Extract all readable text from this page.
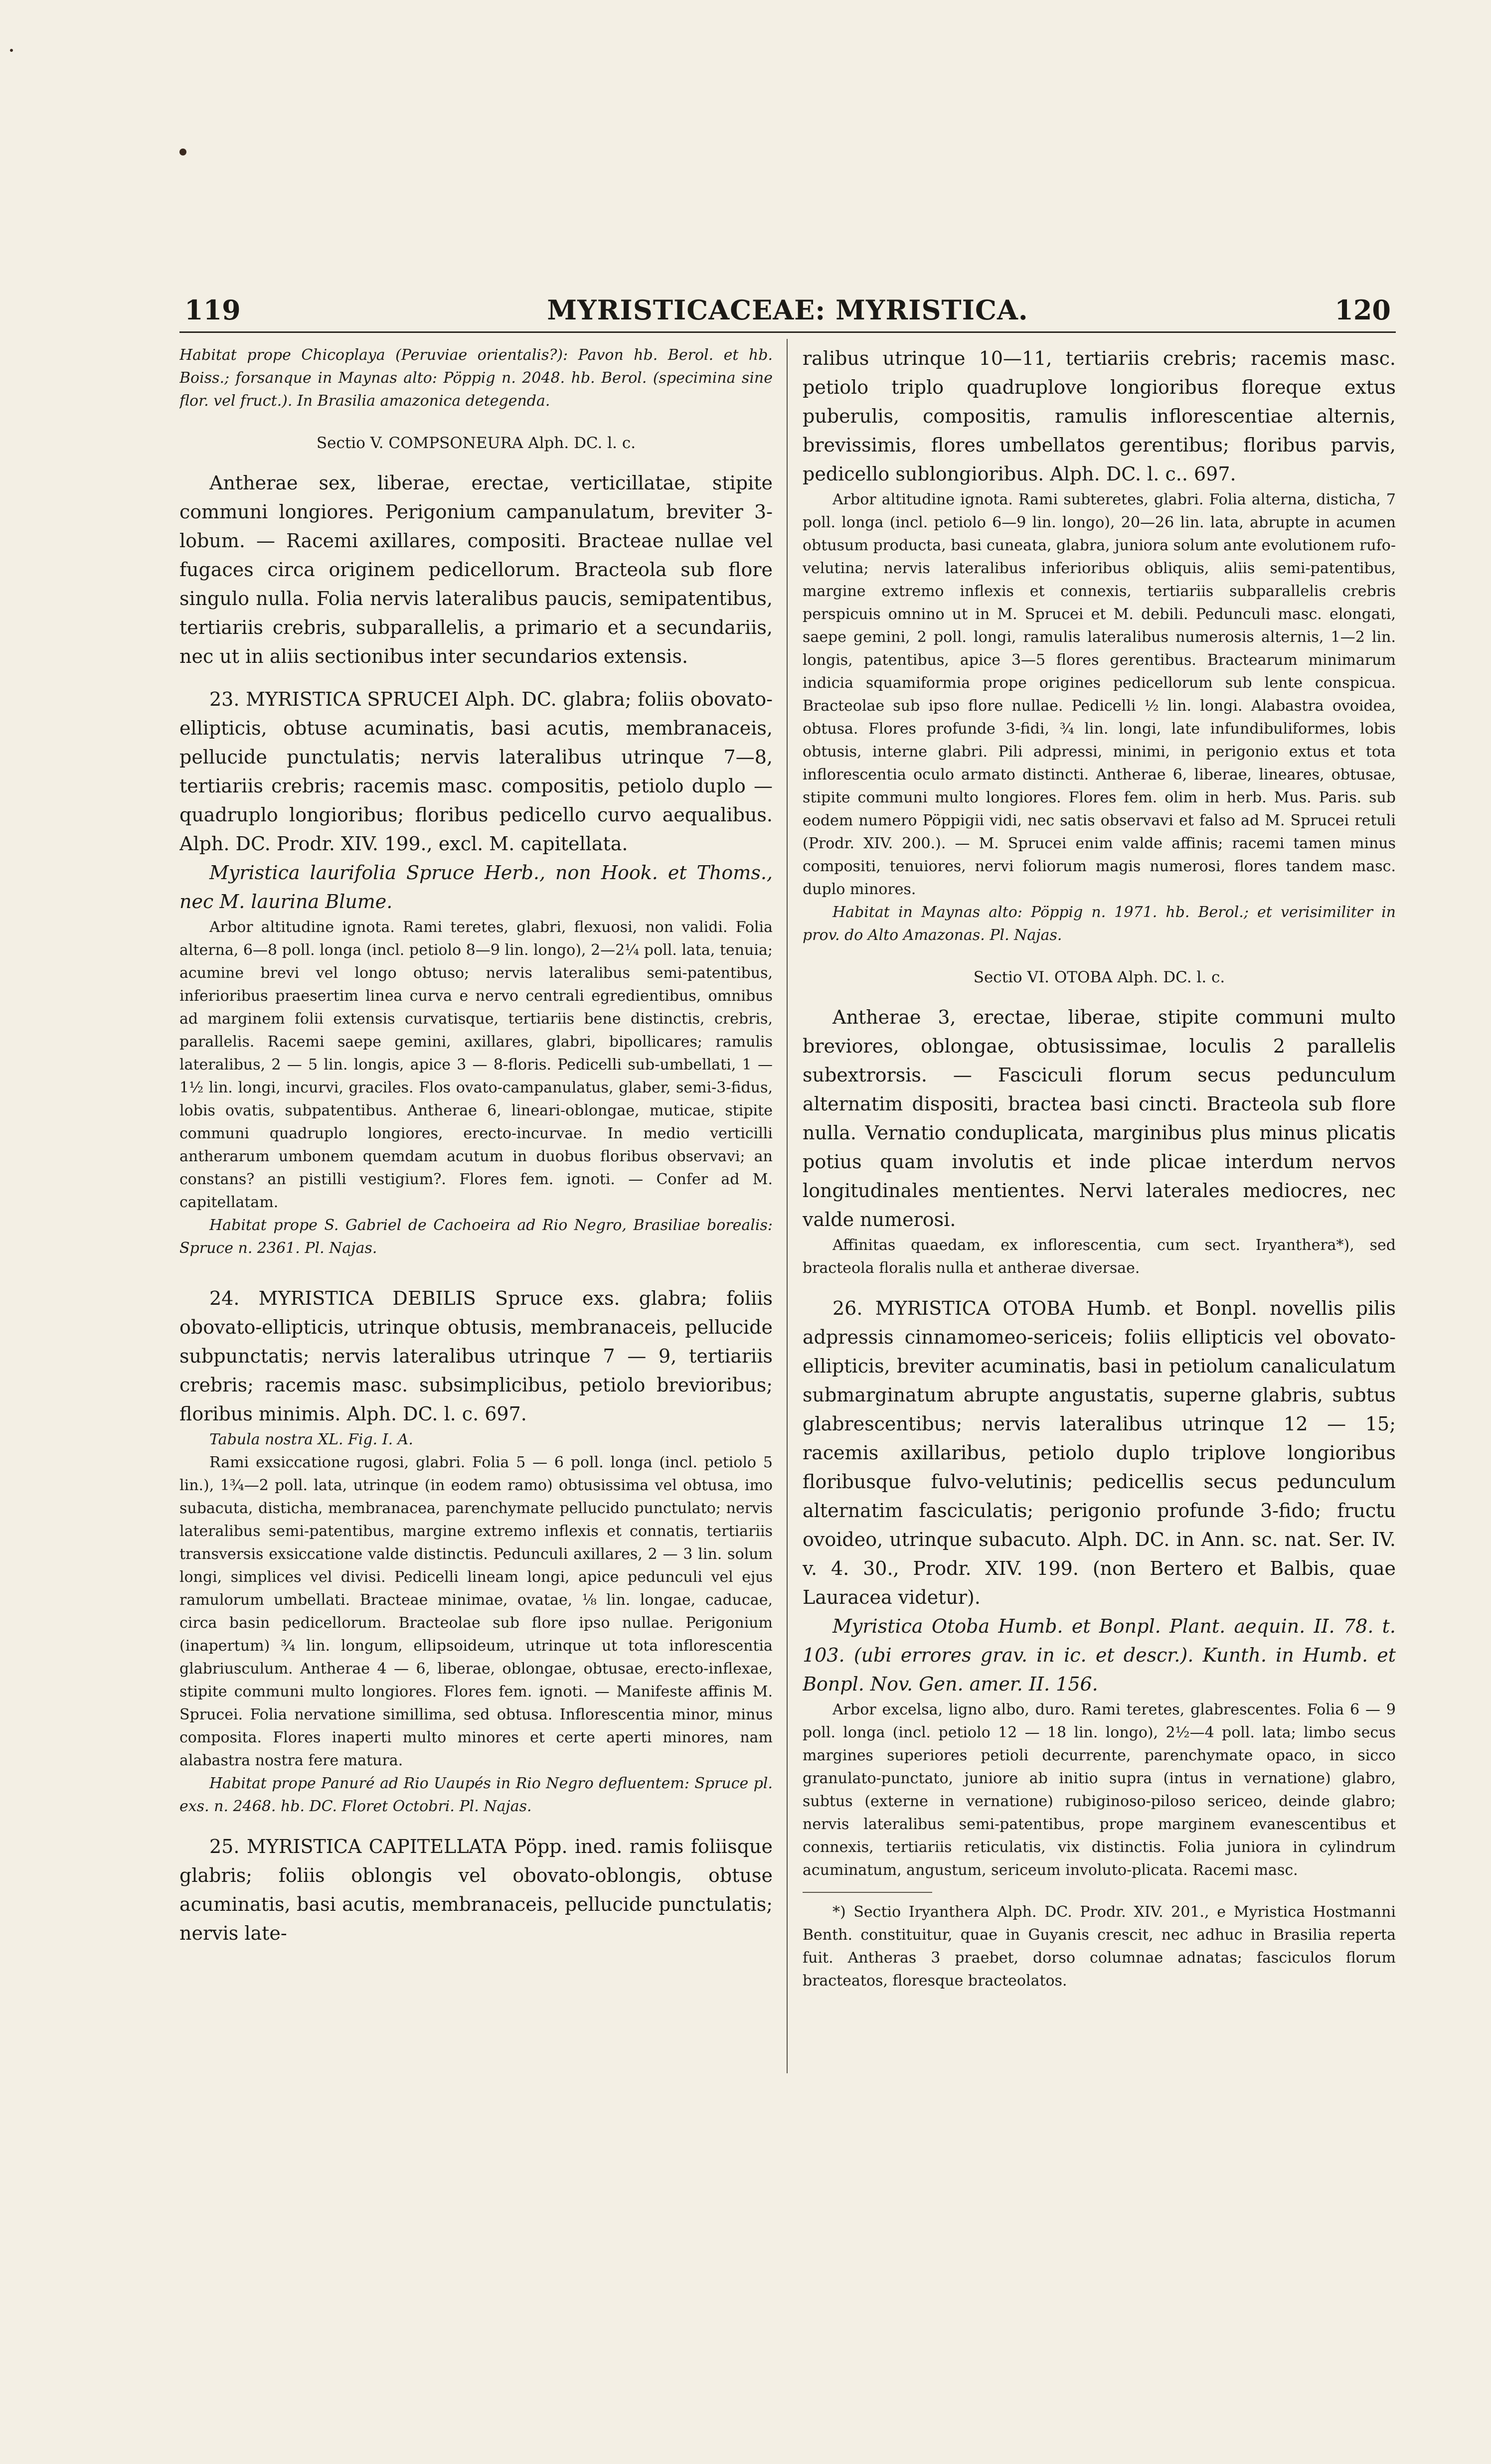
119	MYRISTICACEAE: MYRISTICA.	120

Habitat prope Chicoplaya (Peruviae orientalis?): Pavon hb. Berol. et hb. Boiss.; forsanque in Maynas alto: Pöppig n. 2048. hb. Berol. (specimina sine flor. vel fruct.). In Brasilia amazonica detegenda.

Sectio V. COMPSONEURA Alph. DC. l. c.

Antherae sex, liberae, erectae, verticillatae, stipite communi longiores. Perigonium campanulatum, breviter 3-lobum. — Racemi axillares, compositi. Bracteae nullae vel fugaces circa originem pedicellorum. Bracteola sub flore singulo nulla. Folia nervis lateralibus paucis, semipatentibus, tertiariis crebris, subparallelis, a primario et a secundariis, nec ut in aliis sectionibus inter secundarios extensis.

23. MYRISTICA SPRUCEI Alph. DC. glabra; foliis obovato-ellipticis, obtuse acuminatis, basi acutis, membranaceis, pellucide punctulatis; nervis lateralibus utrinque 7—8, tertiariis crebris; racemis masc. compositis, petiolo duplo — quadruplo longioribus; floribus pedicello curvo aequalibus. Alph. DC. Prodr. XIV. 199., excl. M. capitellata.

Myristica laurifolia Spruce Herb., non Hook. et Thoms., nec M. laurina Blume.

Arbor altitudine ignota. Rami teretes, glabri, flexuosi, non validi. Folia alterna, 6—8 poll. longa (incl. petiolo 8—9 lin. longo), 2—2¼ poll. lata, tenuia; acumine brevi vel longo obtuso; nervis lateralibus semi-patentibus, inferioribus praesertim linea curva e nervo centrali egredientibus, omnibus ad marginem folii extensis curvatisque, tertiariis bene distinctis, crebris, parallelis. Racemi saepe gemini, axillares, glabri, bipollicares; ramulis lateralibus, 2 — 5 lin. longis, apice 3 — 8-floris. Pedicelli sub-umbellati, 1 — 1½ lin. longi, incurvi, graciles. Flos ovato-campanulatus, glaber, semi-3-fidus, lobis ovatis, subpatentibus. Antherae 6, lineari-oblongae, muticae, stipite communi quadruplo longiores, erecto-incurvae. In medio verticilli antherarum umbonem quemdam acutum in duobus floribus observavi; an constans? an pistilli vestigium?. Flores fem. ignoti. — Confer ad M. capitellatam.

Habitat prope S. Gabriel de Cachoeira ad Rio Negro, Brasiliae borealis: Spruce n. 2361. Pl. Najas.

24. MYRISTICA DEBILIS Spruce exs. glabra; foliis obovato-ellipticis, utrinque obtusis, membranaceis, pellucide subpunctatis; nervis lateralibus utrinque 7 — 9, tertiariis crebris; racemis masc. subsimplicibus, petiolo brevioribus; floribus minimis. Alph. DC. l. c. 697.

Tabula nostra XL. Fig. I. A.

Rami exsiccatione rugosi, glabri. Folia 5 — 6 poll. longa (incl. petiolo 5 lin.), 1¾—2 poll. lata, utrinque (in eodem ramo) obtusissima vel obtusa, imo subacuta, disticha, membranacea, parenchymate pellucido punctulato; nervis lateralibus semi-patentibus, margine extremo inflexis et connatis, tertiariis transversis exsiccatione valde distinctis. Pedunculi axillares, 2 — 3 lin. solum longi, simplices vel divisi. Pedicelli lineam longi, apice pedunculi vel ejus ramulorum umbellati. Bracteae minimae, ovatae, ⅛ lin. longae, caducae, circa basin pedicellorum. Bracteolae sub flore ipso nullae. Perigonium (inapertum) ¾ lin. longum, ellipsoideum, utrinque ut tota inflorescentia glabriusculum. Antherae 4 — 6, liberae, oblongae, obtusae, erecto-inflexae, stipite communi multo longiores. Flores fem. ignoti. — Manifeste affinis M. Sprucei. Folia nervatione simillima, sed obtusa. Inflorescentia minor, minus composita. Flores inaperti multo minores et certe aperti minores, nam alabastra nostra fere matura.

Habitat prope Panuré ad Rio Uaupés in Rio Negro defluentem: Spruce pl. exs. n. 2468. hb. DC. Floret Octobri. Pl. Najas.

25. MYRISTICA CAPITELLATA Pöpp. ined. ramis foliisque glabris; foliis oblongis vel obovato-oblongis, obtuse acuminatis, basi acutis, membranaceis, pellucide punctulatis; nervis late-

ralibus utrinque 10—11, tertiariis crebris; racemis masc. petiolo triplo quadruplove longioribus floreque extus puberulis, compositis, ramulis inflorescentiae alternis, brevissimis, flores umbellatos gerentibus; floribus parvis, pedicello sublongioribus. Alph. DC. l. c.. 697.

Arbor altitudine ignota. Rami subteretes, glabri. Folia alterna, disticha, 7 poll. longa (incl. petiolo 6—9 lin. longo), 20—26 lin. lata, abrupte in acumen obtusum producta, basi cuneata, glabra, juniora solum ante evolutionem rufo-velutina; nervis lateralibus inferioribus obliquis, aliis semi-patentibus, margine extremo inflexis et connexis, tertiariis subparallelis crebris perspicuis omnino ut in M. Sprucei et M. debili. Pedunculi masc. elongati, saepe gemini, 2 poll. longi, ramulis lateralibus numerosis alternis, 1—2 lin. longis, patentibus, apice 3—5 flores gerentibus. Bractearum minimarum indicia squamiformia prope origines pedicellorum sub lente conspicua. Bracteolae sub ipso flore nullae. Pedicelli ½ lin. longi. Alabastra ovoidea, obtusa. Flores profunde 3-fidi, ¾ lin. longi, late infundibuliformes, lobis obtusis, interne glabri. Pili adpressi, minimi, in perigonio extus et tota inflorescentia oculo armato distincti. Antherae 6, liberae, lineares, obtusae, stipite communi multo longiores. Flores fem. olim in herb. Mus. Paris. sub eodem numero Pöppigii vidi, nec satis observavi et falso ad M. Sprucei retuli (Prodr. XIV. 200.). — M. Sprucei enim valde affinis; racemi tamen minus compositi, tenuiores, nervi foliorum magis numerosi, flores tandem masc. duplo minores.

Habitat in Maynas alto: Pöppig n. 1971. hb. Berol.; et verisimiliter in prov. do Alto Amazonas. Pl. Najas.

Sectio VI. OTOBA Alph. DC. l. c.

Antherae 3, erectae, liberae, stipite communi multo breviores, oblongae, obtusissimae, loculis 2 parallelis subextrorsis. — Fasciculi florum secus pedunculum alternatim dispositi, bractea basi cincti. Bracteola sub flore nulla. Vernatio conduplicata, marginibus plus minus plicatis potius quam involutis et inde plicae interdum nervos longitudinales mentientes. Nervi laterales mediocres, nec valde numerosi.

Affinitas quaedam, ex inflorescentia, cum sect. Iryanthera*), sed bracteola floralis nulla et antherae diversae.

26. MYRISTICA OTOBA Humb. et Bonpl. novellis pilis adpressis cinnamomeo-sericeis; foliis ellipticis vel obovato-ellipticis, breviter acuminatis, basi in petiolum canaliculatum submarginatum abrupte angustatis, superne glabris, subtus glabrescentibus; nervis lateralibus utrinque 12 — 15; racemis axillaribus, petiolo duplo triplove longioribus floribusque fulvo-velutinis; pedicellis secus pedunculum alternatim fasciculatis; perigonio profunde 3-fido; fructu ovoideo, utrinque subacuto. Alph. DC. in Ann. sc. nat. Ser. IV. v. 4. 30., Prodr. XIV. 199. (non Bertero et Balbis, quae Lauracea videtur).

Myristica Otoba Humb. et Bonpl. Plant. aequin. II. 78. t. 103. (ubi errores grav. in ic. et descr.). Kunth. in Humb. et Bonpl. Nov. Gen. amer. II. 156.

Arbor excelsa, ligno albo, duro. Rami teretes, glabrescentes. Folia 6 — 9 poll. longa (incl. petiolo 12 — 18 lin. longo), 2½—4 poll. lata; limbo secus margines superiores petioli decurrente, parenchymate opaco, in sicco granulato-punctato, juniore ab initio supra (intus in vernatione) glabro, subtus (externe in vernatione) rubiginoso-piloso sericeo, deinde glabro; nervis lateralibus semi-patentibus, prope marginem evanescentibus et connexis, tertiariis reticulatis, vix distinctis. Folia juniora in cylindrum acuminatum, angustum, sericeum involuto-plicata. Racemi masc.

*) Sectio Iryanthera Alph. DC. Prodr. XIV. 201., e Myristica Hostmanni Benth. constituitur, quae in Guyanis crescit, nec adhuc in Brasilia reperta fuit. Antheras 3 praebet, dorso columnae adnatas; fasciculos florum bracteatos, floresque bracteolatos.
